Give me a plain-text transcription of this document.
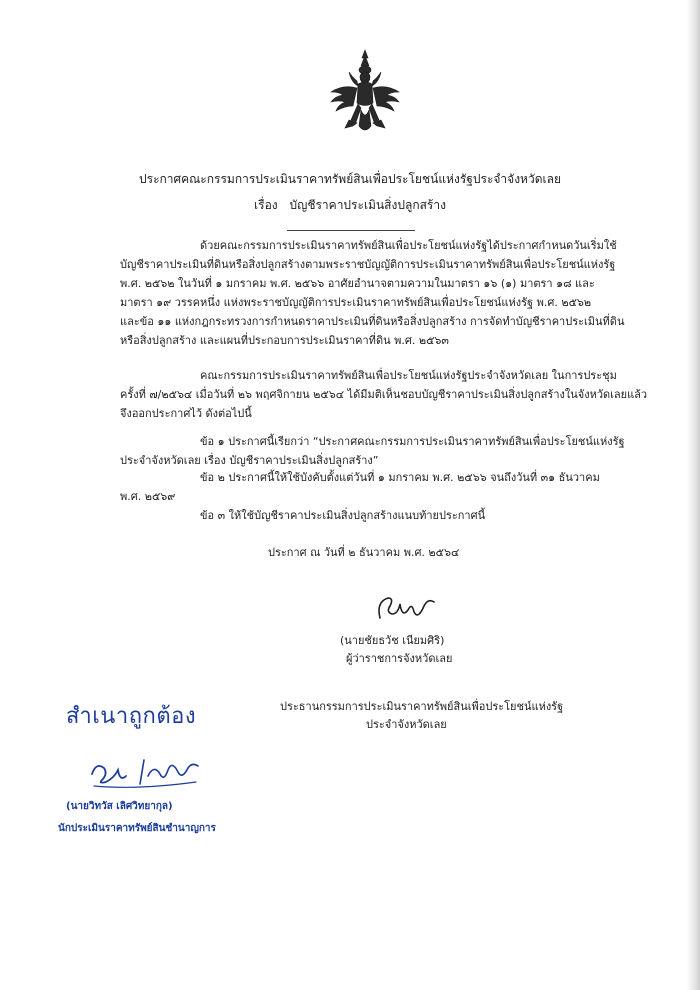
ประกาศคณะกรรมการประเมินราคาทรัพย์สินเพื่อประโยชน์แห่งรัฐประจำจังหวัดเลย
เรื่อง บัญชีราคาประเมินสิ่งปลูกสร้าง

ด้วยคณะกรรมการประเมินราคาทรัพย์สินเพื่อประโยชน์แห่งรัฐได้ประกาศกำหนดวันเริ่มใช้

บัญชีราคาประเมินที่ดินหรือสิ่งปลูกสร้างตามพระราชบัญญัติการประเมินราคาทรัพย์สินเพื่อประโยชน์แห่งรัฐ

พ.ศ. ๒๕๖๒ ในวันที่ ๑ มกราคม พ.ศ. ๒๕๖๖ อาศัยอำนาจตามความในมาตรา ๑๖ (๑) มาตรา ๑๘ และ

มาตรา ๑๙ วรรคหนึ่ง แห่งพระราชบัญญัติการประเมินราคาทรัพย์สินเพื่อประโยชน์แห่งรัฐ พ.ศ. ๒๕๖๒

และข้อ ๑๑ แห่งกฎกระทรวงการกำหนดราคาประเมินที่ดินหรือสิ่งปลูกสร้าง การจัดทำบัญชีราคาประเมินที่ดิน

หรือสิ่งปลูกสร้าง และแผนที่ประกอบการประเมินราคาที่ดิน พ.ศ. ๒๕๖๓

คณะกรรมการประเมินราคาทรัพย์สินเพื่อประโยชน์แห่งรัฐประจำจังหวัดเลย ในการประชุม

ครั้งที่ ๗/๒๕๖๔ เมื่อวันที่ ๒๖ พฤศจิกายน ๒๕๖๔ ได้มีมติเห็นชอบบัญชีราคาประเมินสิ่งปลูกสร้างในจังหวัดเลยแล้ว

จึงออกประกาศไว้ ดังต่อไปนี้

ข้อ ๑ ประกาศนี้เรียกว่า “ประกาศคณะกรรมการประเมินราคาทรัพย์สินเพื่อประโยชน์แห่งรัฐ

ประจำจังหวัดเลย เรื่อง บัญชีราคาประเมินสิ่งปลูกสร้าง”

ข้อ ๒ ประกาศนี้ให้ใช้บังคับตั้งแต่วันที่ ๑ มกราคม พ.ศ. ๒๕๖๖ จนถึงวันที่ ๓๑ ธันวาคม

พ.ศ. ๒๕๖๙

ข้อ ๓ ให้ใช้บัญชีราคาประเมินสิ่งปลูกสร้างแนบท้ายประกาศนี้

ประกาศ ณ วันที่ ๒ ธันวาคม พ.ศ. ๒๕๖๔
(นายชัยธวัช เนียมศิริ)
ผู้ว่าราชการจังหวัดเลย
ประธานกรรมการประเมินราคาทรัพย์สินเพื่อประโยชน์แห่งรัฐ
ประจำจังหวัดเลย
สำเนาถูกต้อง
(นายวิทวัส เลิศวิทยากุล)
นักประเมินราคาทรัพย์สินชำนาญการ
